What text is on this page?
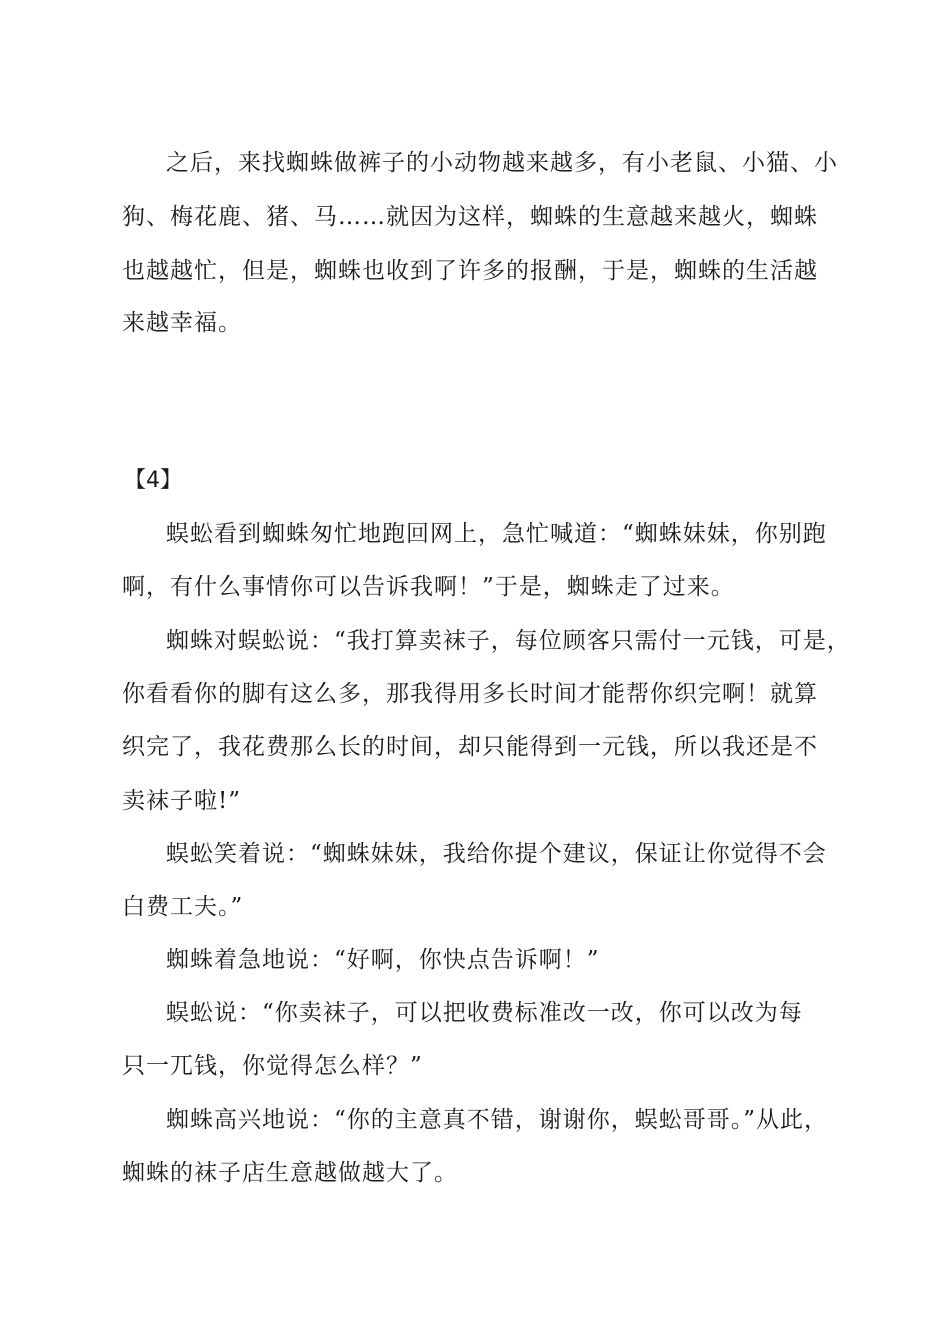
之后，来找蜘蛛做裤子的小动物越来越多，有小老鼠、小猫、小
狗、梅花鹿、猪、马……就因为这样，蜘蛛的生意越来越火，蜘蛛
也越越忙，但是，蜘蛛也收到了许多的报酬，于是，蜘蛛的生活越
来越幸福。
【4】
蜈蚣看到蜘蛛匆忙地跑回网上，急忙喊道：“蜘蛛妹妹，你别跑
啊，有什么事情你可以告诉我啊！”于是，蜘蛛走了过来。
蜘蛛对蜈蚣说：“我打算卖袜子，每位顾客只需付一元钱，可是，
你看看你的脚有这么多，那我得用多长时间才能帮你织完啊！就算
织完了，我花费那么长的时间，却只能得到一元钱，所以我还是不
卖袜子啦!”
蜈蚣笑着说：“蜘蛛妹妹，我给你提个建议，保证让你觉得不会
白费工夫。”
蜘蛛着急地说：“好啊，你快点告诉啊！”
蜈蚣说：“你卖袜子，可以把收费标准改一改，你可以改为每
只一兀钱，你觉得怎么样？”
蜘蛛高兴地说：“你的主意真不错，谢谢你，蜈蚣哥哥。”从此，
蜘蛛的袜子店生意越做越大了。
